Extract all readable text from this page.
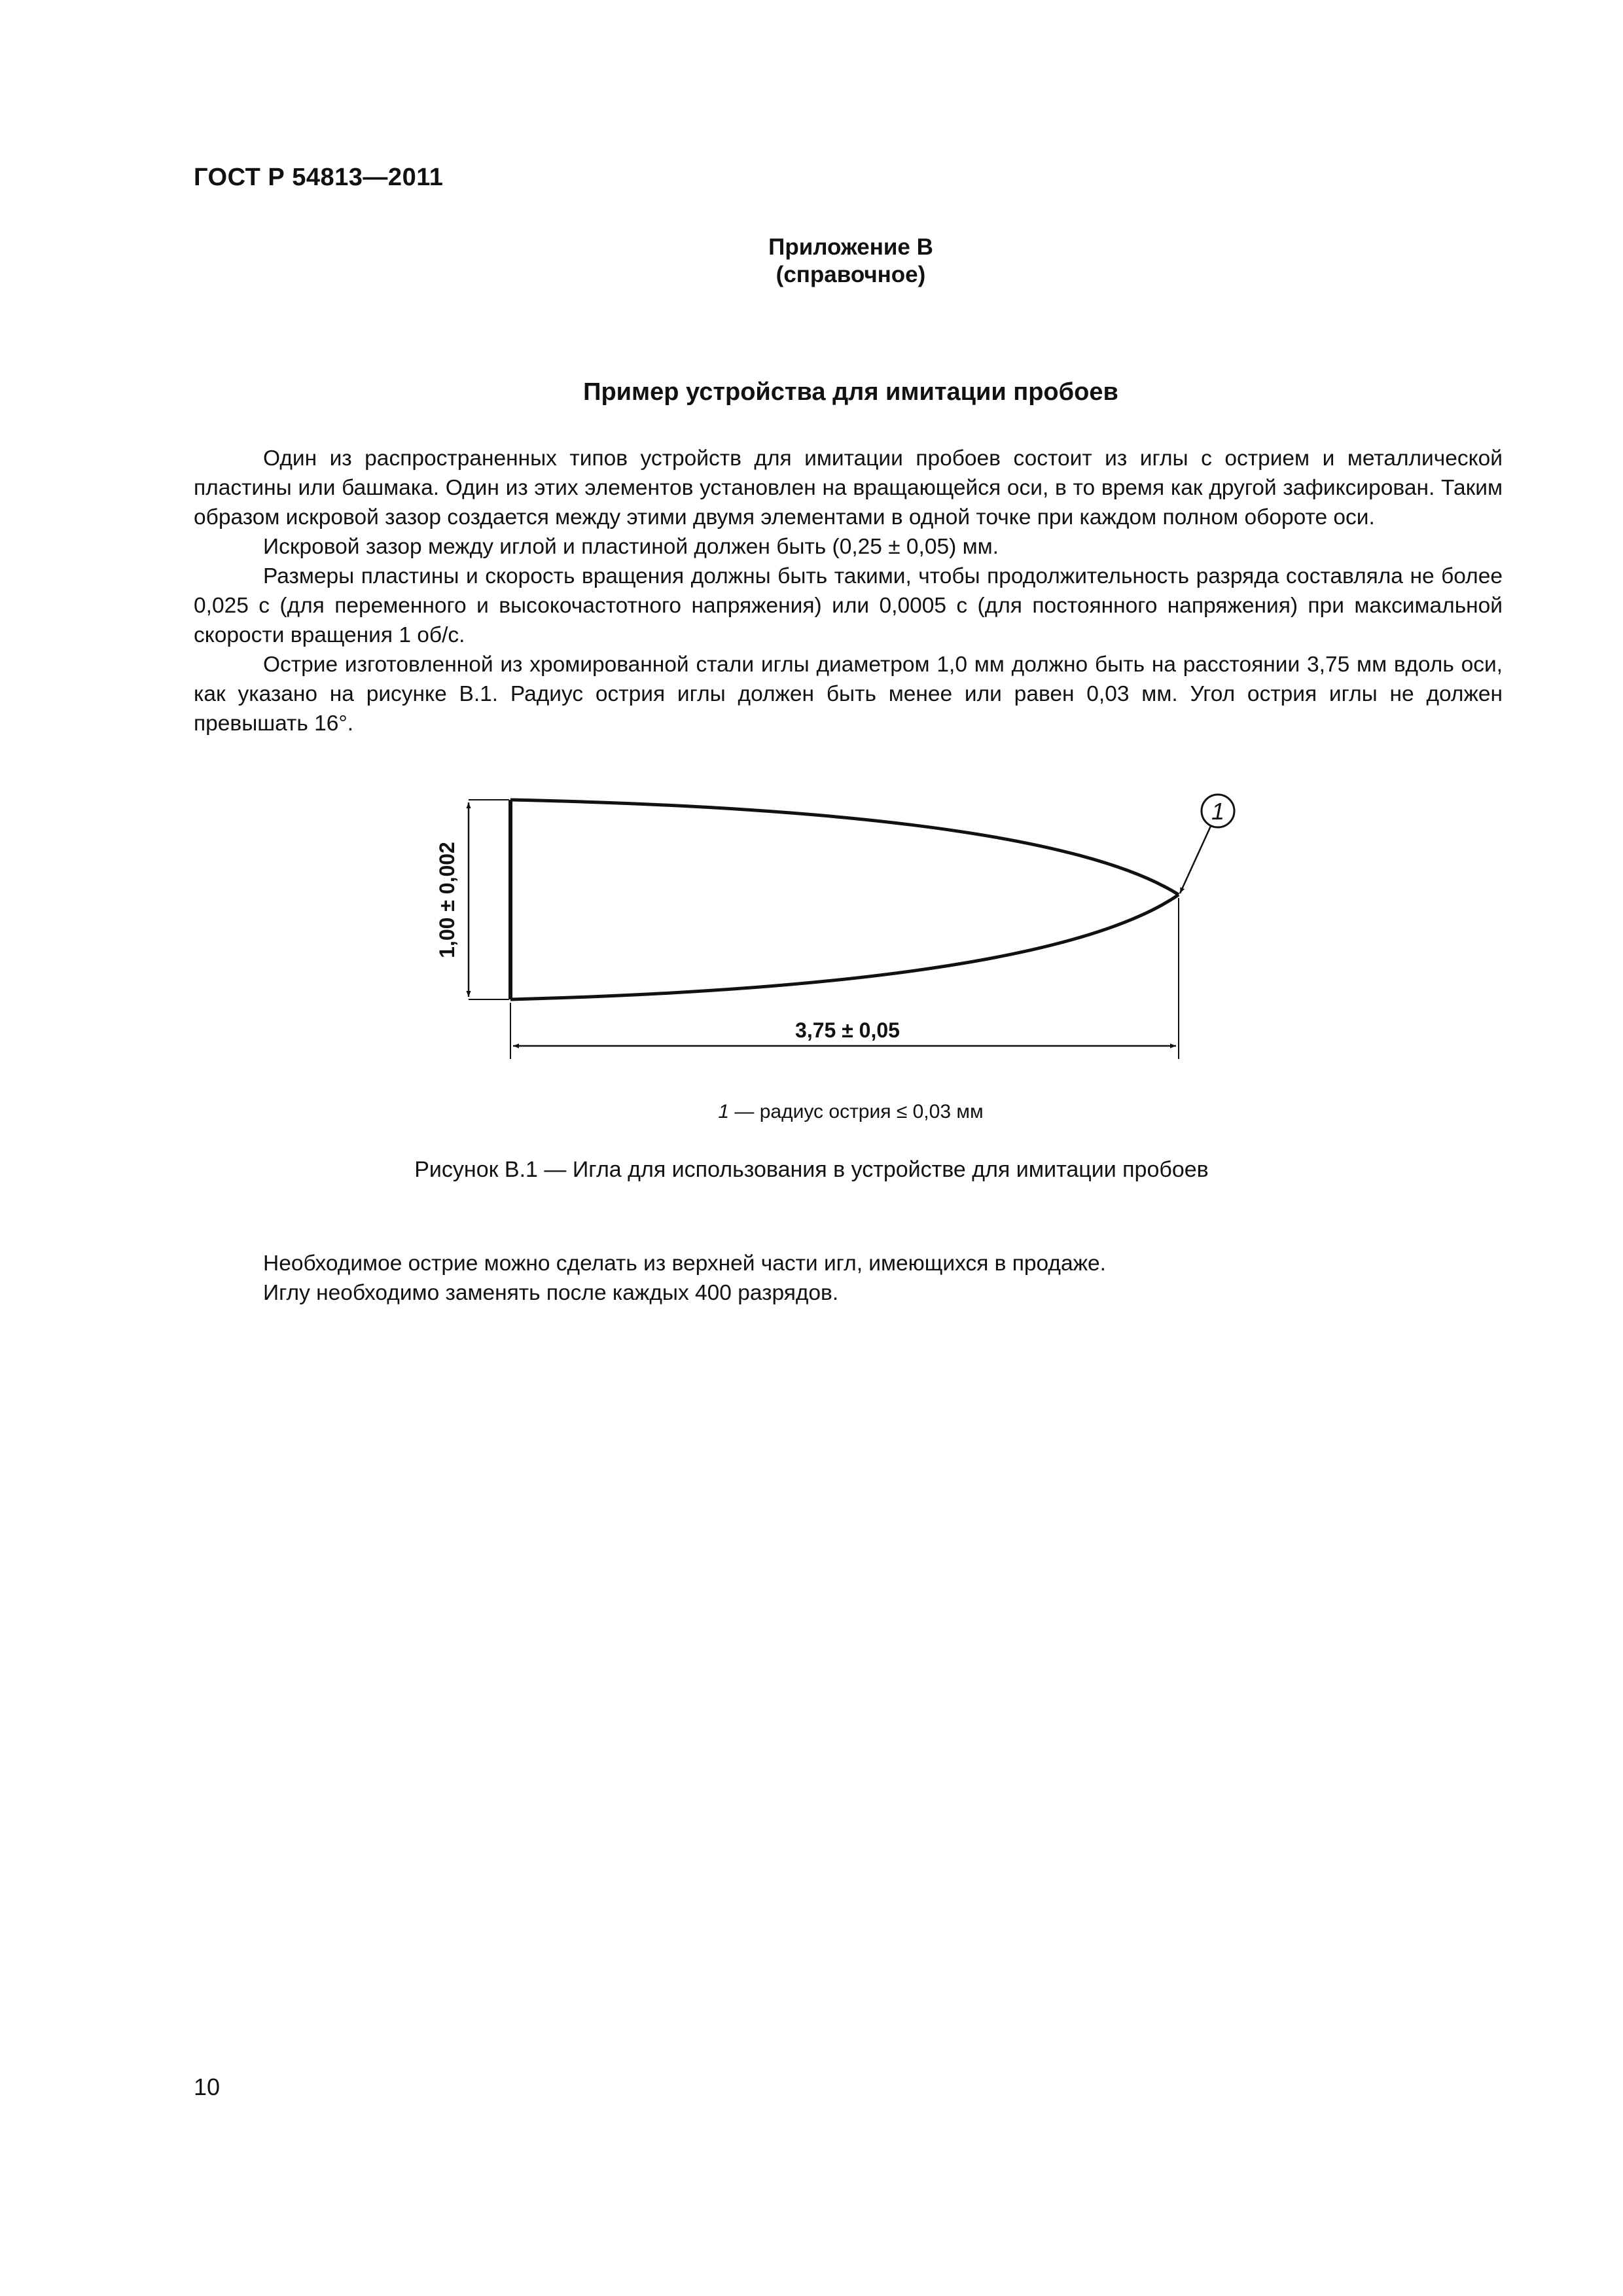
ГОСТ Р 54813—2011
Приложение В
(справочное)
Пример устройства для имитации пробоев

Один из распространенных типов устройств для имитации пробоев состоит из иглы с острием и металлической пластины или башмака. Один из этих элементов установлен на вращающейся оси, в то время как другой зафиксирован. Таким образом искровой зазор создается между этими двумя элементами в одной точке при каждом полном обороте оси.

Искровой зазор между иглой и пластиной должен быть (0,25 ± 0,05) мм.

Размеры пластины и скорость вращения должны быть такими, чтобы продолжительность разряда составляла не более 0,025 с (для переменного и высокочастотного напряжения) или 0,0005 с (для постоянного напряжения) при максимальной скорости вращения 1 об/с.

Острие изготовленной из хромированной стали иглы диаметром 1,0 мм должно быть на расстоянии 3,75 мм вдоль оси, как указано на рисунке В.1. Радиус острия иглы должен быть менее или равен 0,03 мм. Угол острия иглы не должен превышать 16°.

1,00 ± 0,002
3,75 ± 0,05
1
1 — радиус острия ≤ 0,03 мм
Рисунок В.1 — Игла для использования в устройстве для имитации пробоев

Необходимое острие можно сделать из верхней части игл, имеющихся в продаже.

Иглу необходимо заменять после каждых 400 разрядов.

10
